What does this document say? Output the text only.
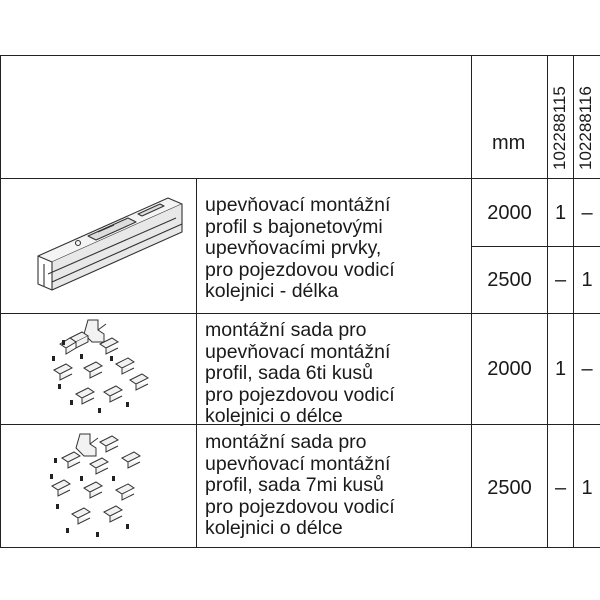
mm 102288115 102288116
upevňovací montážní
profil s bajonetovými
upevňovacími prvky,
pro pojezdovou vodicí
kolejnici - délka
2000	1 –
2500	– 1
montážní sada pro
upevňovací montážní
profil, sada 6ti kusů
pro pojezdovou vodicí
kolejnici o délce
2000	1 –
montážní sada pro
upevňovací montážní
profil, sada 7mi kusů
pro pojezdovou vodicí
kolejnici o délce
2500	– 1
